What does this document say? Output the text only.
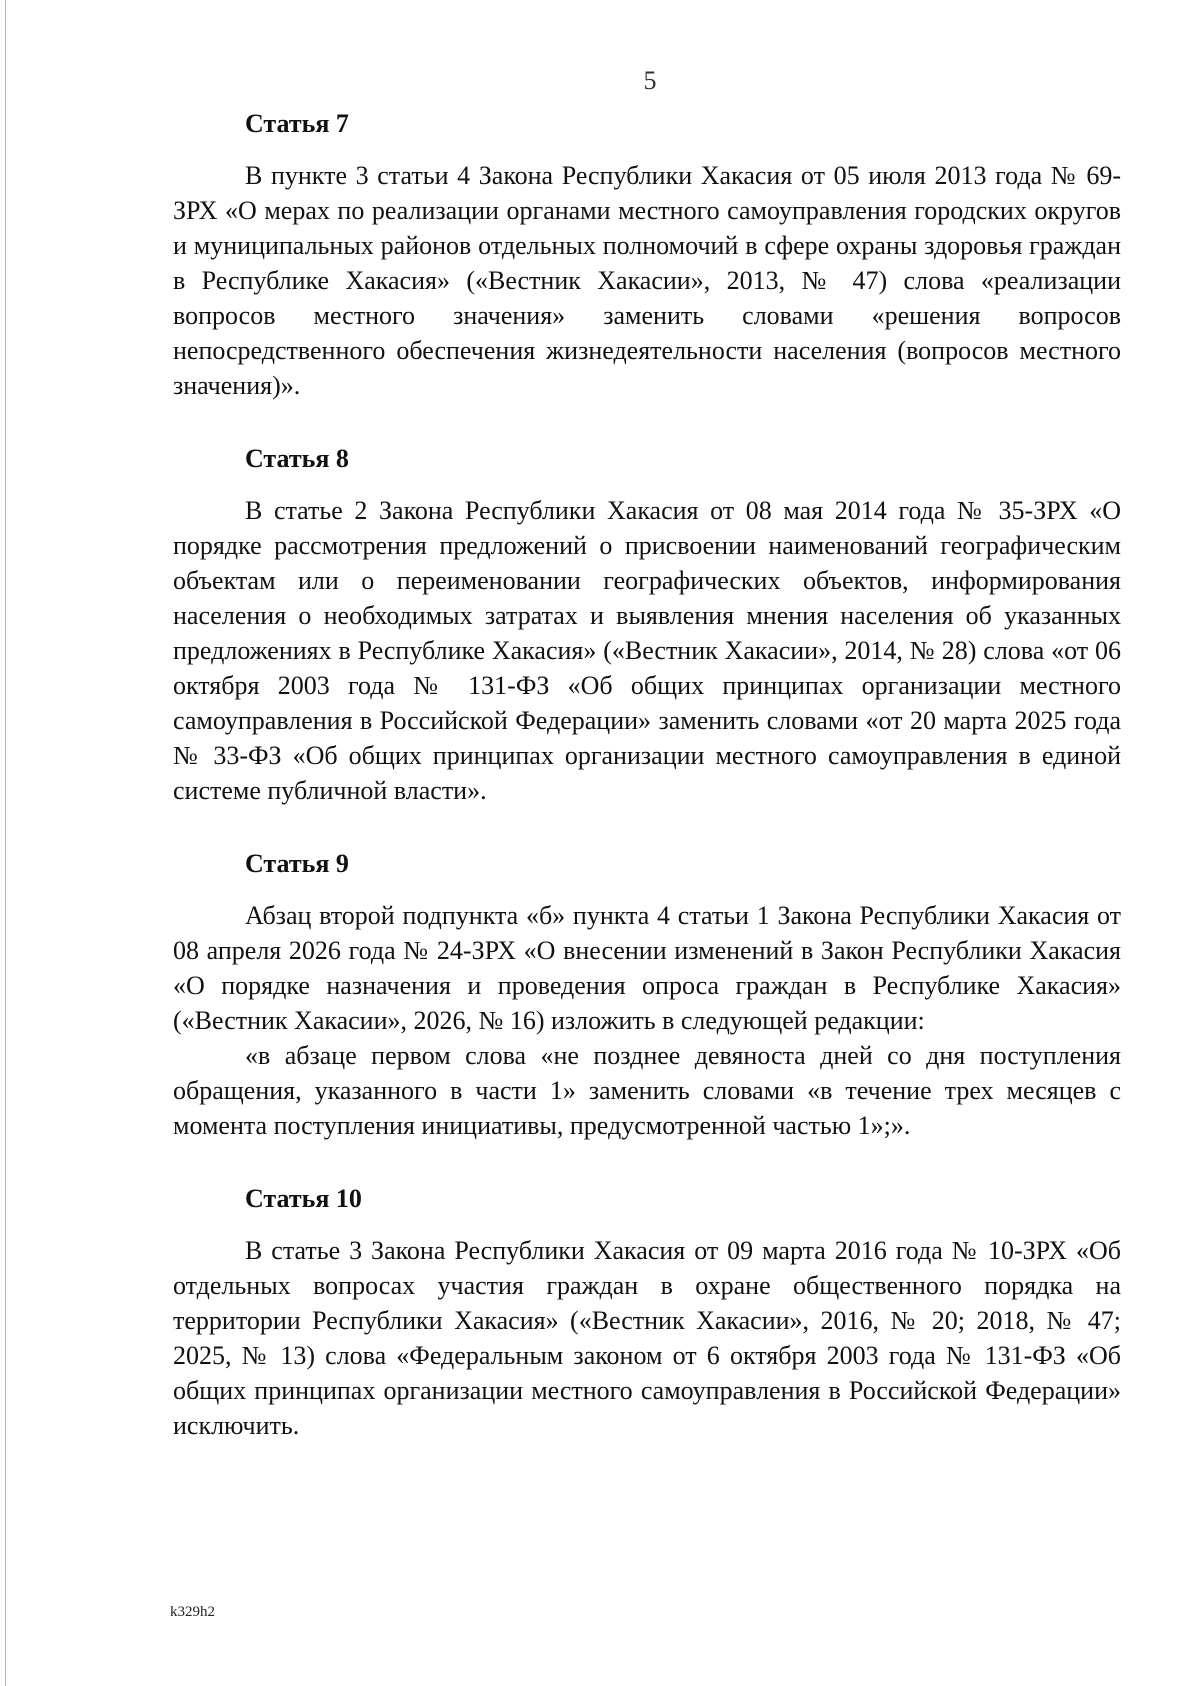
5
Статья 7

В пункте 3 статьи 4 Закона Республики Хакасия от 05 июля 2013 года № 69-ЗРХ «О мерах по реализации органами местного самоуправления городских округов и муниципальных районов отдельных полномочий в сфере охраны здоровья граждан в Республике Хакасия» («Вестник Хакасии», 2013, № 47) слова «реализации вопросов местного значения» заменить словами «решения вопросов непосредственного обеспечения жизнедеятельности населения (вопросов местного значения)».

Статья 8

В статье 2 Закона Республики Хакасия от 08 мая 2014 года № 35-ЗРХ «О порядке рассмотрения предложений о присвоении наименований географическим объектам или о переименовании географических объектов, информирования населения о необходимых затратах и выявления мнения населения об указанных предложениях в Республике Хакасия» («Вестник Хакасии», 2014, № 28) слова «от 06 октября 2003 года № 131-ФЗ «Об общих принципах организации местного самоуправления в Российской Федерации» заменить словами «от 20 марта 2025 года № 33-ФЗ «Об общих принципах организации местного самоуправления в единой системе публичной власти».

Статья 9

Абзац второй подпункта «б» пункта 4 статьи 1 Закона Республики Хакасия от 08 апреля 2026 года № 24-ЗРХ «О внесении изменений в Закон Республики Хакасия «О порядке назначения и проведения опроса граждан в Республике Хакасия» («Вестник Хакасии», 2026, № 16) изложить в следующей редакции:

«в абзаце первом слова «не позднее девяноста дней со дня поступления обращения, указанного в части 1» заменить словами «в течение трех месяцев с момента поступления инициативы, предусмотренной частью 1»;».

Статья 10

В статье 3 Закона Республики Хакасия от 09 марта 2016 года № 10-ЗРХ «Об отдельных вопросах участия граждан в охране общественного порядка на территории Республики Хакасия» («Вестник Хакасии», 2016, № 20; 2018, № 47; 2025, № 13) слова «Федеральным законом от 6 октября 2003 года № 131-ФЗ «Об общих принципах организации местного самоуправления в Российской Федерации» исключить.

k329h2
